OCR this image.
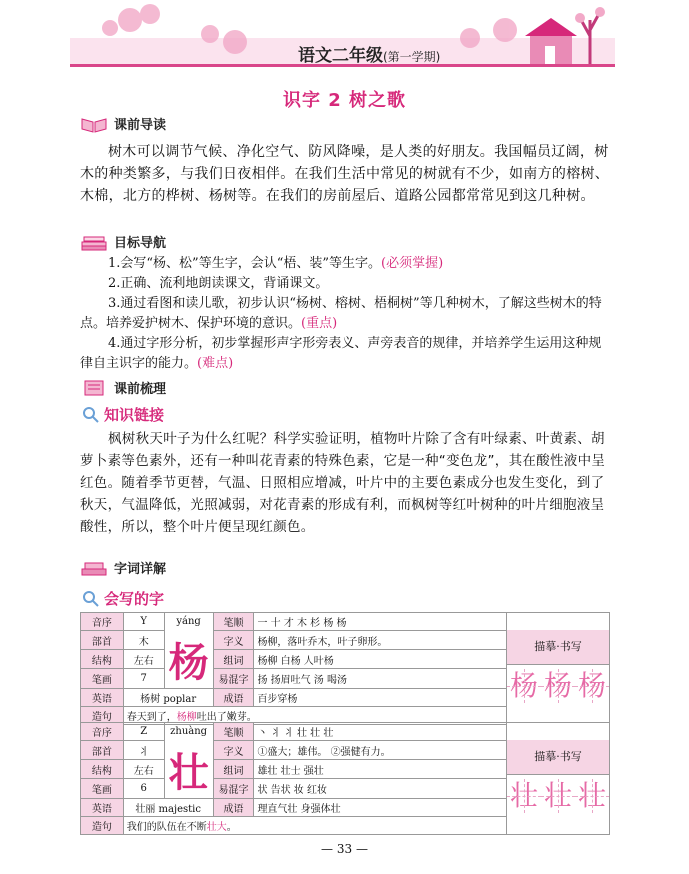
语文二年级(第一学期)
识字 2 树之歌
课前导读
树木可以调节气候、净化空气、防风降噪，是人类的好朋友。我国幅员辽阔，树木的种类繁多，与我们日夜相伴。在我们生活中常见的树就有不少，如南方的榕树、木棉，北方的桦树、杨树等。在我们的房前屋后、道路公园都常常见到这几种树。
目标导航

1.会写“杨、松”等生字，会认“梧、装”等生字。(必须掌握)

2.正确、流利地朗读课文，背诵课文。

3.通过看图和读儿歌，初步认识“杨树、榕树、梧桐树”等几种树木，了解这些树木的特点。培养爱护树木、保护环境的意识。(重点)

4.通过字形分析，初步掌握形声字形旁表义、声旁表音的规律，并培养学生运用这种规律自主识字的能力。(难点)

课前梳理
知识链接
枫树秋天叶子为什么红呢？科学实验证明，植物叶片除了含有叶绿素、叶黄素、胡萝卜素等色素外，还有一种叫花青素的特殊色素，它是一种“变色龙”，其在酸性液中呈红色。随着季节更替，气温、日照相应增减，叶片中的主要色素成分也发生变化，到了秋天，气温降低，光照减弱，对花青素的形成有利，而枫树等红叶树种的叶片细胞液呈酸性，所以，整个叶片便呈现红颜色。
字词详解
会写的字
音序	Y	yáng	笔顺	一 十 才 木 杉 杨 杨	描摹·书写
杨 杨 杨

部首	木	杨	字义	杨柳，落叶乔木，叶子卵形。	
结构	左右		组词	杨柳 白杨 人叶杨	
笔画	7		易混字	扬 扬眉吐气 汤 喝汤	
英语	杨树 poplar		成语	百步穿杨	
造句	春天到了，杨柳吐出了嫩芽。				
音序	Z	zhuàng	笔顺	丶 丬 丬 壮 壮 壮	描摹·书写
壮 壮 壮

部首	丬	壮	字义	①盛大；雄伟。 ②强健有力。	
结构	左右		组词	雄壮 壮士 强壮	
笔画	6		易混字	状 告状 妆 红妆	
英语	壮丽 majestic		成语	理直气壮 身强体壮	
造句	我们的队伍在不断壮大。				
— 33 —
